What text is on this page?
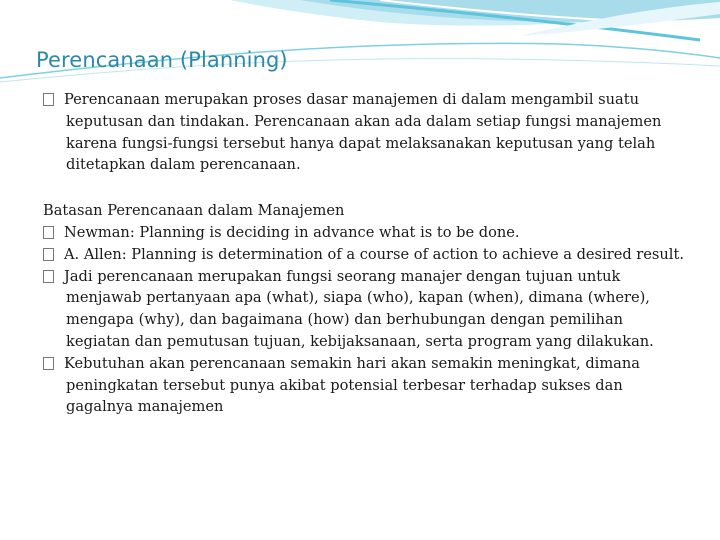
Perencanaan (Planning)

Perencanaan merupakan proses dasar manajemen di dalam mengambil suatu keputusan dan tindakan. Perencanaan akan ada dalam setiap fungsi manajemen karena fungsi-fungsi tersebut hanya dapat melaksanakan keputusan yang telah ditetapkan dalam perencanaan.

Batasan Perencanaan dalam Manajemen

Newman: Planning is deciding in advance what is to be done.

A. Allen: Planning is determination of a course of action to achieve a desired result.

Jadi perencanaan merupakan fungsi seorang manajer dengan tujuan untuk menjawab pertanyaan apa (what), siapa (who), kapan (when), dimana (where), mengapa (why), dan bagaimana (how) dan berhubungan dengan pemilihan kegiatan dan pemutusan tujuan, kebijaksanaan, serta program yang dilakukan.

Kebutuhan akan perencanaan semakin hari akan semakin meningkat, dimana peningkatan tersebut punya akibat potensial terbesar terhadap sukses dan gagalnya manajemen
